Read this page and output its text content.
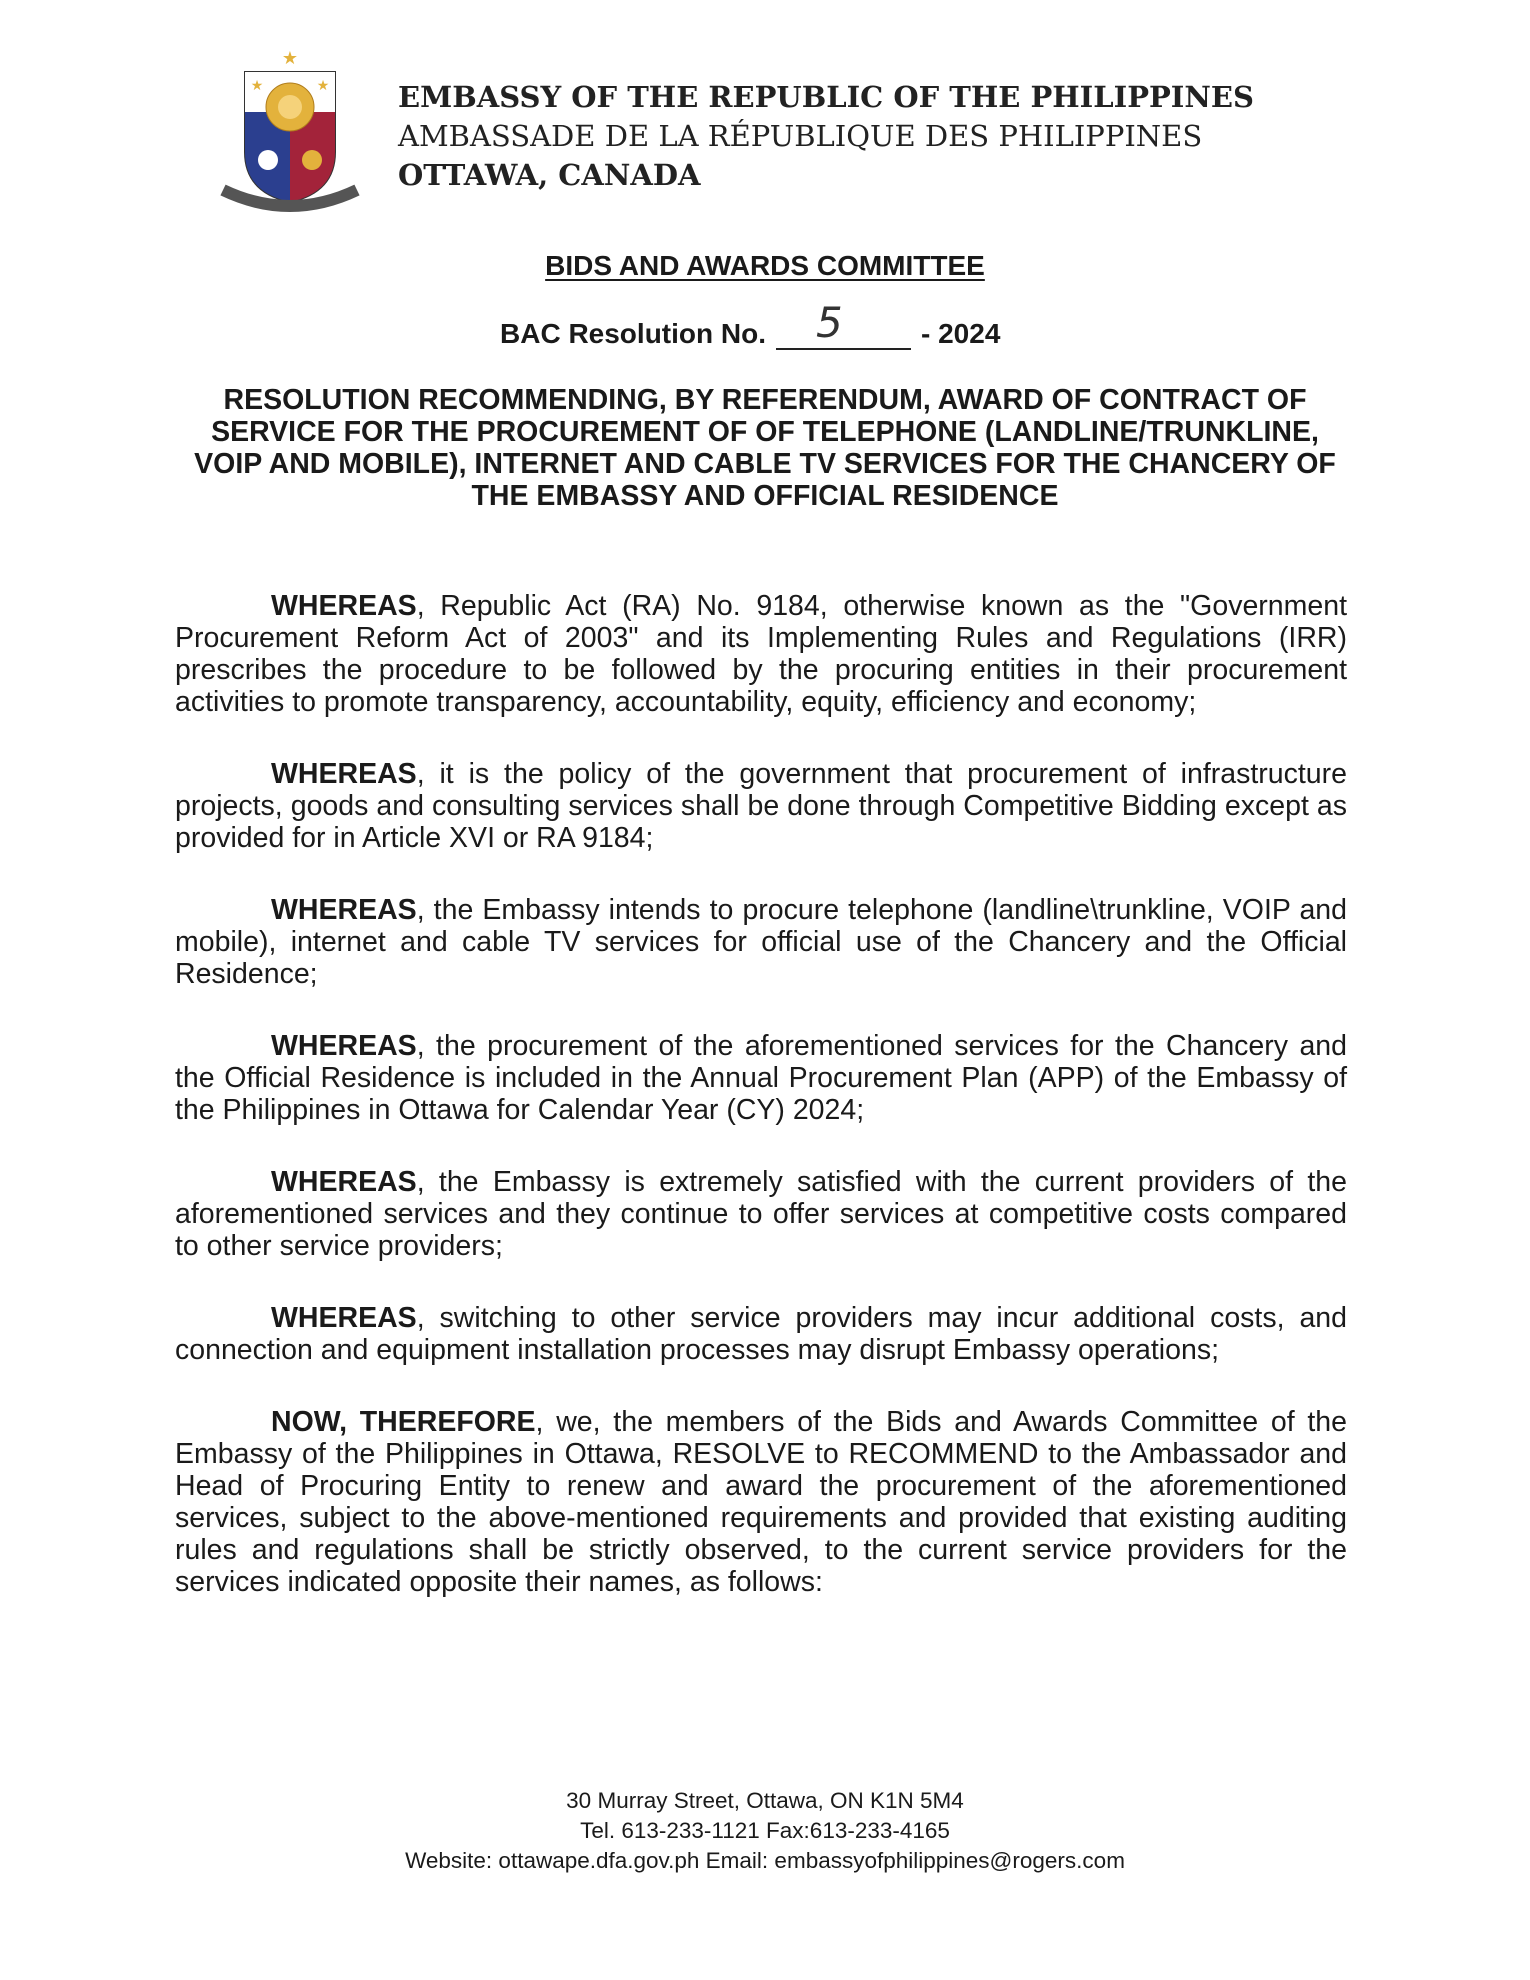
★
★	★ EMBASSY OF THE REPUBLIC OF THE PHILIPPINES
AMBASSADE DE LA RÉPUBLIQUE DES PHILIPPINES
OTTAWA, CANADA
BIDS AND AWARDS COMMITTEE
BAC Resolution No. 5	- 2024
RESOLUTION RECOMMENDING, BY REFERENDUM, AWARD OF CONTRACT OF SERVICE FOR THE PROCUREMENT OF OF TELEPHONE (LANDLINE/TRUNKLINE, VOIP AND MOBILE), INTERNET AND CABLE TV SERVICES FOR THE CHANCERY OF THE EMBASSY AND OFFICIAL RESIDENCE

WHEREAS, Republic Act (RA) No. 9184, otherwise known as the "Government Procurement Reform Act of 2003" and its Implementing Rules and Regulations (IRR) prescribes the procedure to be followed by the procuring entities in their procurement activities to promote transparency, accountability, equity, efficiency and economy;

WHEREAS, it is the policy of the government that procurement of infrastructure projects, goods and consulting services shall be done through Competitive Bidding except as provided for in Article XVI or RA 9184;

WHEREAS, the Embassy intends to procure telephone (landline\trunkline, VOIP and mobile), internet and cable TV services for official use of the Chancery and the Official Residence;

WHEREAS, the procurement of the aforementioned services for the Chancery and the Official Residence is included in the Annual Procurement Plan (APP) of the Embassy of the Philippines in Ottawa for Calendar Year (CY) 2024;

WHEREAS, the Embassy is extremely satisfied with the current providers of the aforementioned services and they continue to offer services at competitive costs compared to other service providers;

WHEREAS, switching to other service providers may incur additional costs, and connection and equipment installation processes may disrupt Embassy operations;

NOW, THEREFORE, we, the members of the Bids and Awards Committee of the Embassy of the Philippines in Ottawa, RESOLVE to RECOMMEND to the Ambassador and Head of Procuring Entity to renew and award the procurement of the aforementioned services, subject to the above-mentioned requirements and provided that existing auditing rules and regulations shall be strictly observed, to the current service providers for the services indicated opposite their names, as follows:

30 Murray Street, Ottawa, ON K1N 5M4
Tel. 613-233-1121 Fax:613-233-4165
Website: ottawape.dfa.gov.ph Email: embassyofphilippines@rogers.com
